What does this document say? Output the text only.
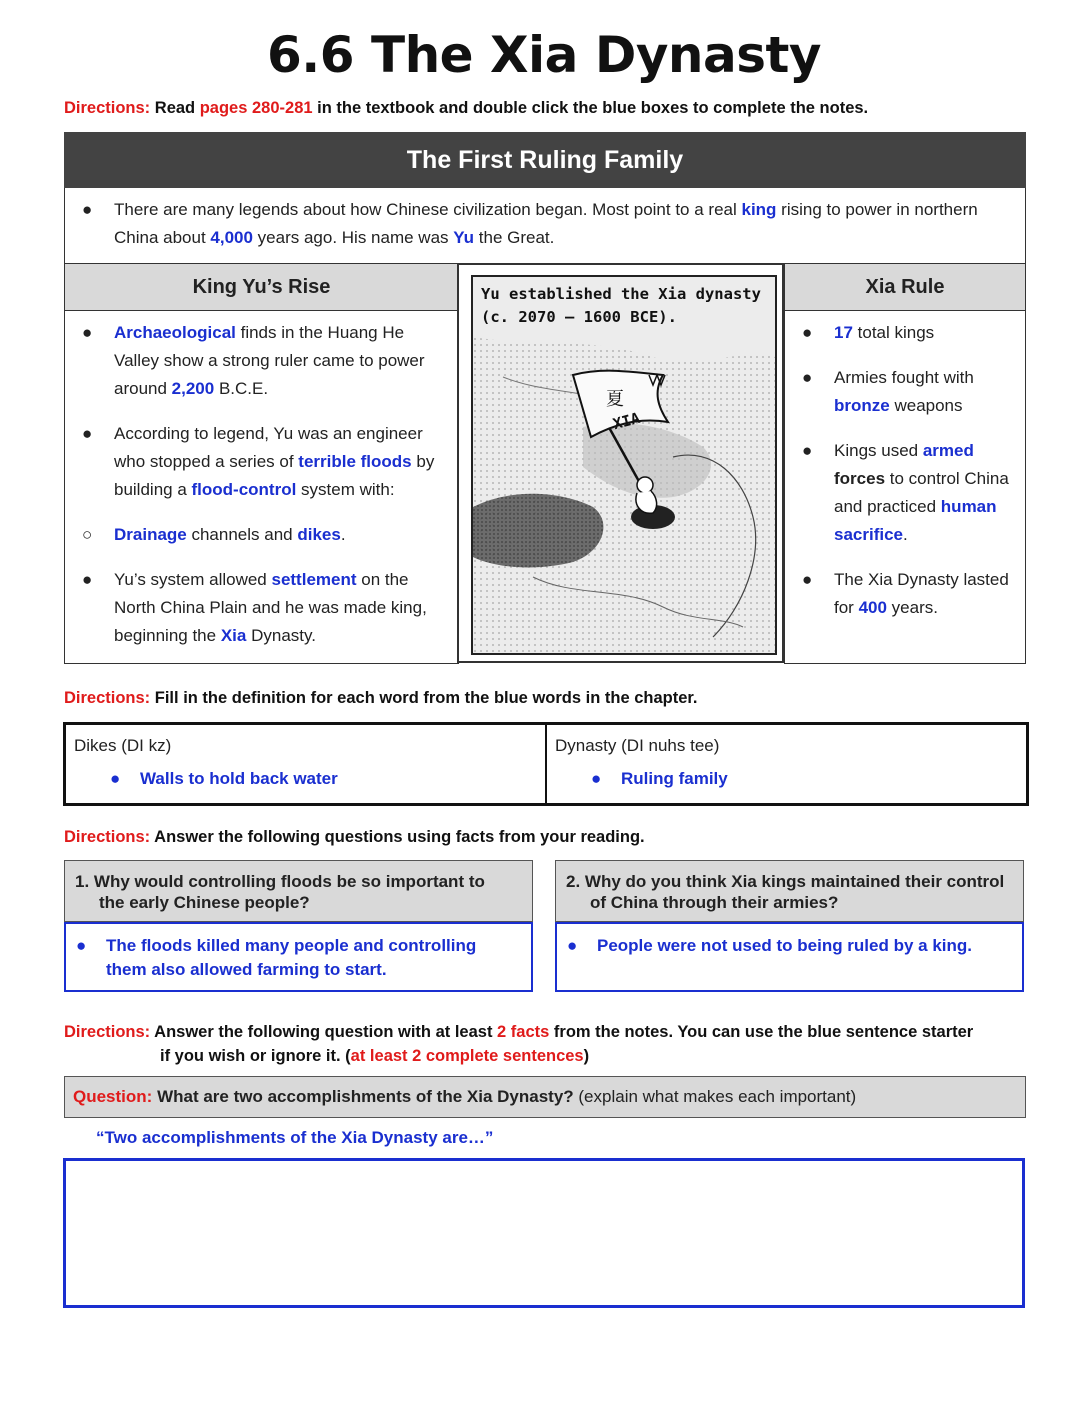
6.6 The Xia Dynasty
Directions: Read pages 280-281 in the textbook and double click the blue boxes to complete the notes.
The First Ruling Family
● There are many legends about how Chinese civilization began. Most point to a real king rising to power in northern China about 4,000 years ago. His name was Yu the Great.
King Yu’s Rise
● Archaeological finds in the Huang He Valley show a strong ruler came to power around 2,200 B.C.E.
● According to legend, Yu was an engineer who stopped a series of terrible floods by building a flood-control system with:
○ Drainage channels and dikes.
● Yu’s system allowed settlement on the North China Plain and he was made king, beginning the Xia Dynasty.
Yu established the Xia dynasty
(c. 2070 – 1600 BCE).
夏
XIA
Xia Rule
● 17 total kings
● Armies fought with bronze weapons
● Kings used armed forces to control China and practiced human sacrifice.
● The Xia Dynasty lasted for 400 years.
Directions: Fill in the definition for each word from the blue words in the chapter.
Dikes (DI kz)
● Walls to hold back water
Dynasty (DI nuhs tee)
● Ruling family
Directions: Answer the following questions using facts from your reading.
1. Why would controlling floods be so important to
the early Chinese people?
● The floods killed many people and controlling them also allowed farming to start.
2. Why do you think Xia kings maintained their control
of China through their armies?
● People were not used to being ruled by a king.
Directions: Answer the following question with at least 2 facts from the notes. You can use the blue sentence starter
if you wish or ignore it. (at least 2 complete sentences)
Question: What are two accomplishments of the Xia Dynasty? (explain what makes each important)
“Two accomplishments of the Xia Dynasty are…”
